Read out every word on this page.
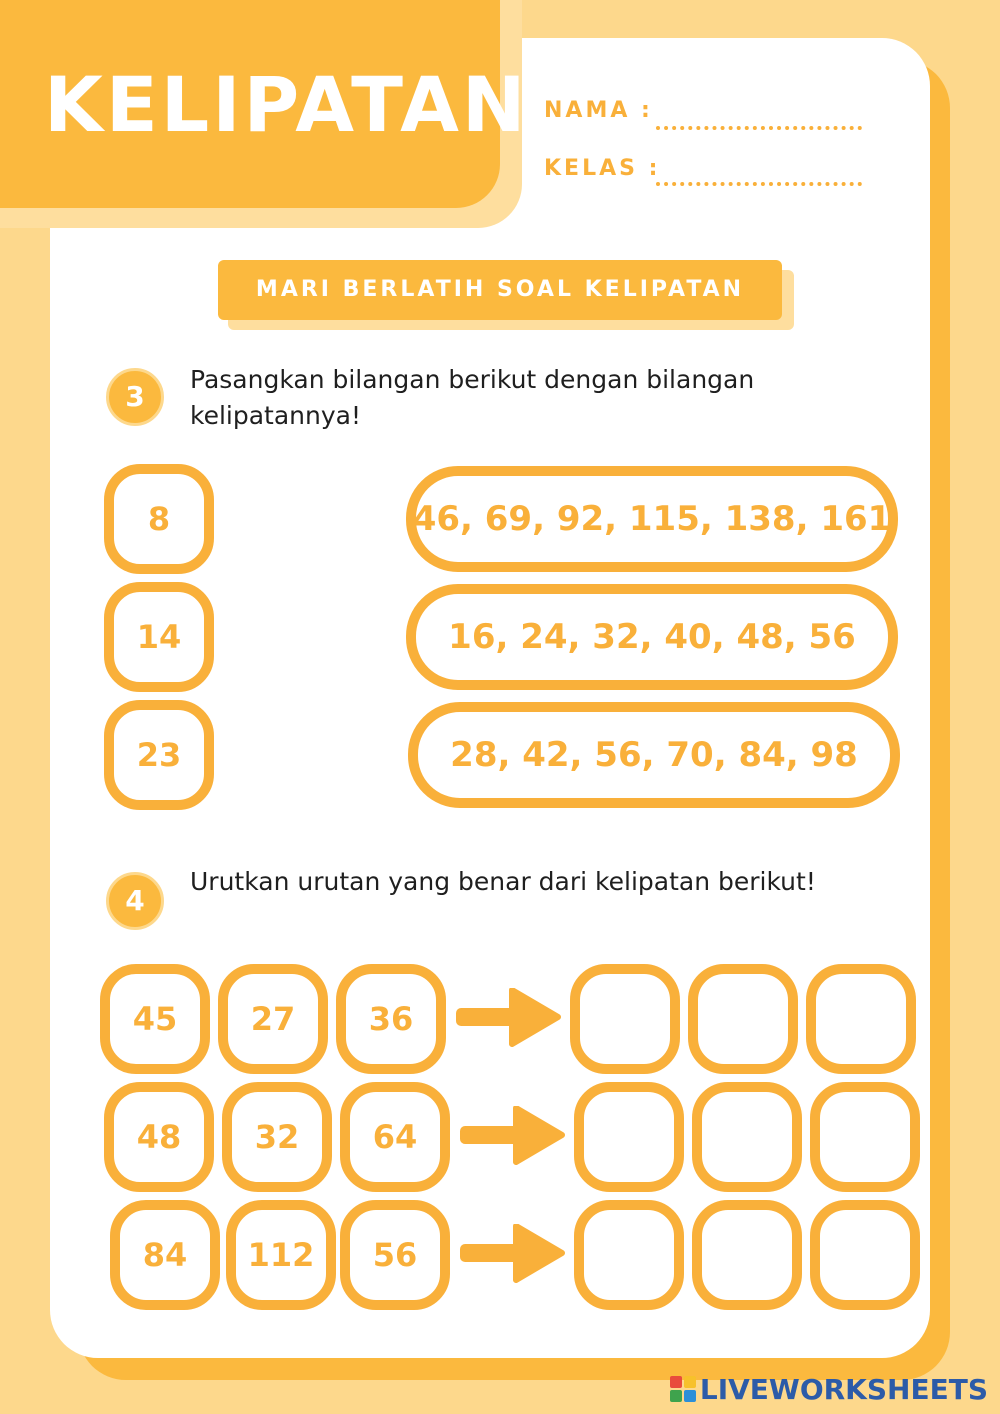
KELIPATAN NAMA :
KELAS :
MARI BERLATIH SOAL KELIPATAN
3
Pasangkan bilangan berikut dengan bilangan kelipatannya!
8
14
23
46, 69, 92, 115, 138, 161
16, 24, 32, 40, 48, 56
28, 42, 56, 70, 84, 98
4
Urutkan urutan yang benar dari kelipatan berikut!
45	27	36
48	32	64
84	112	56
LIVEWORKSHEETS
